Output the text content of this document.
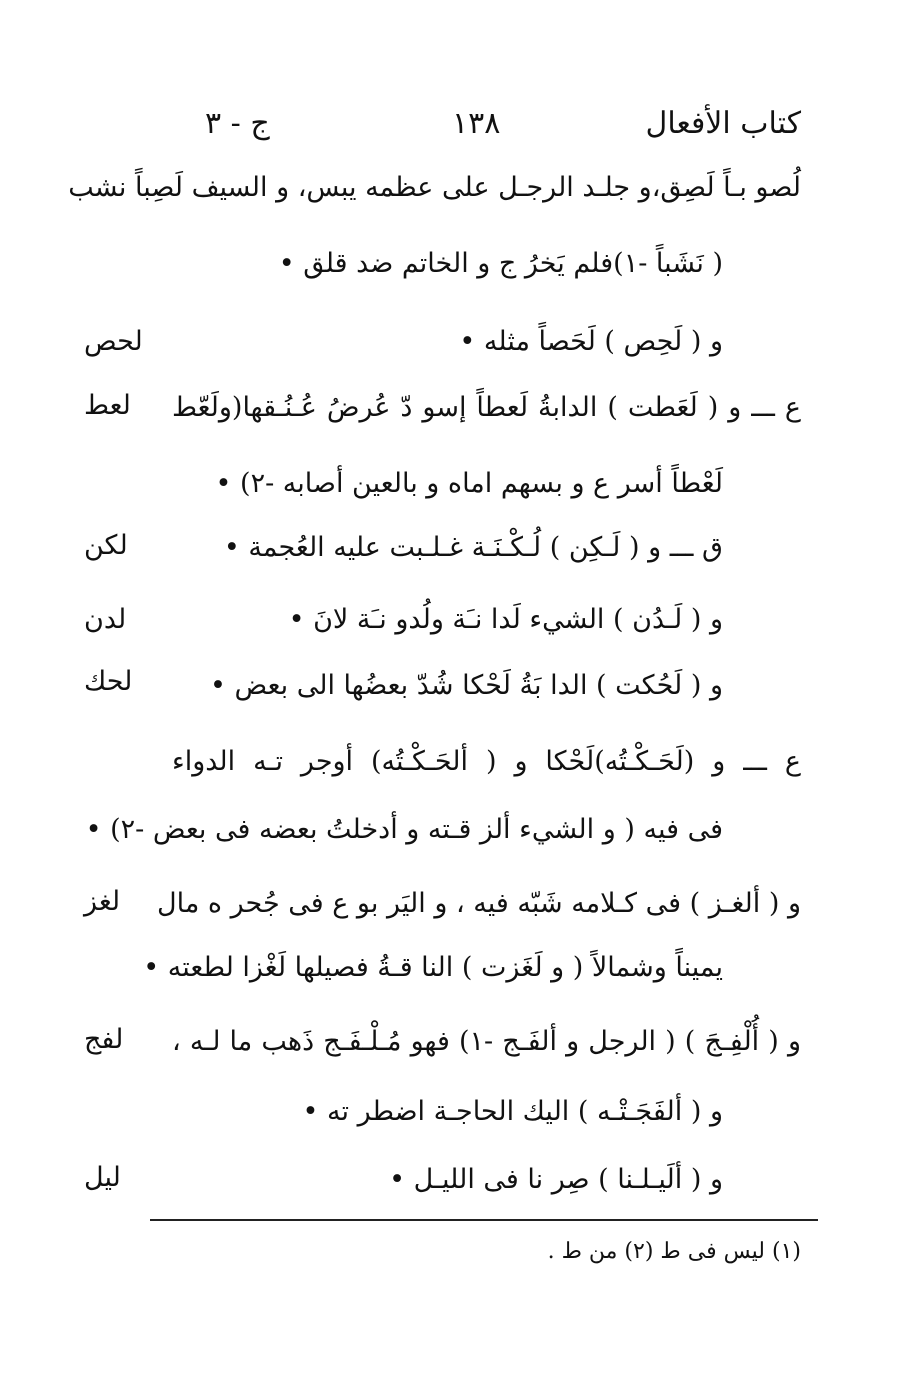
كتاب الأفعال
١٣٨
ج - ٣
لُصو بـاً لَصِق،و جلـد الرجـل على عظمه يبس، و السيف لَصِباً نشب
( نَشَباً -١)فلم يَخرُ ج و الخاتم ضد قلق •
و ( لَحِص ) لَحَصاً مثله •
لحص
ع ـــ و ( لَعَطت ) الدابةُ لَعطاً إسو دّ عُرضُ عُـنُـقها(ولَعّط
لعط
لَعْطاً أسر ع و بسهم اماه و بالعين أصابه -٢) •
ق ـــ و ( لَـكِن ) لُـكْـنَـة غـلـبت عليه العُجمة •
لكن
و ( لَـدُن ) الشيء لَدا نـَة ولُدو نـَة لانَ •
لدن
و ( لَحُكت ) الدا بَةُ لَحْكا شُدّ بعضُها الى بعض •
لحك
ع ـــ و (لَحَـكْـتُه)لَحْكا و ( ألحَـكْـتُه) أوجر تـه الدواء
فى فيه ( و الشيء ألز قـته و أدخلتُ بعضه فى بعض -٢) •
و ( ألغـز ) فى كـلامه شَبّه فيه ، و اليَر بو ع فى جُحر ه مال
لغز
يميناً وشمالاً ( و لَغَزت ) النا قـةُ فصيلها لَغْزا لطعته •
و ( أُلْفِـجَ ) ( الرجل و ألفَـج -١) فهو مُـلْـفَـج ذَهب ما لـه ،
لفج
و ( ألفَجَـتْـه ) اليك الحاجـة اضطر ته •
و ( ألَيـلـنا ) صِر نا فى الليـل •
ليل
(١) ليس فى ط (٢) من ط .
